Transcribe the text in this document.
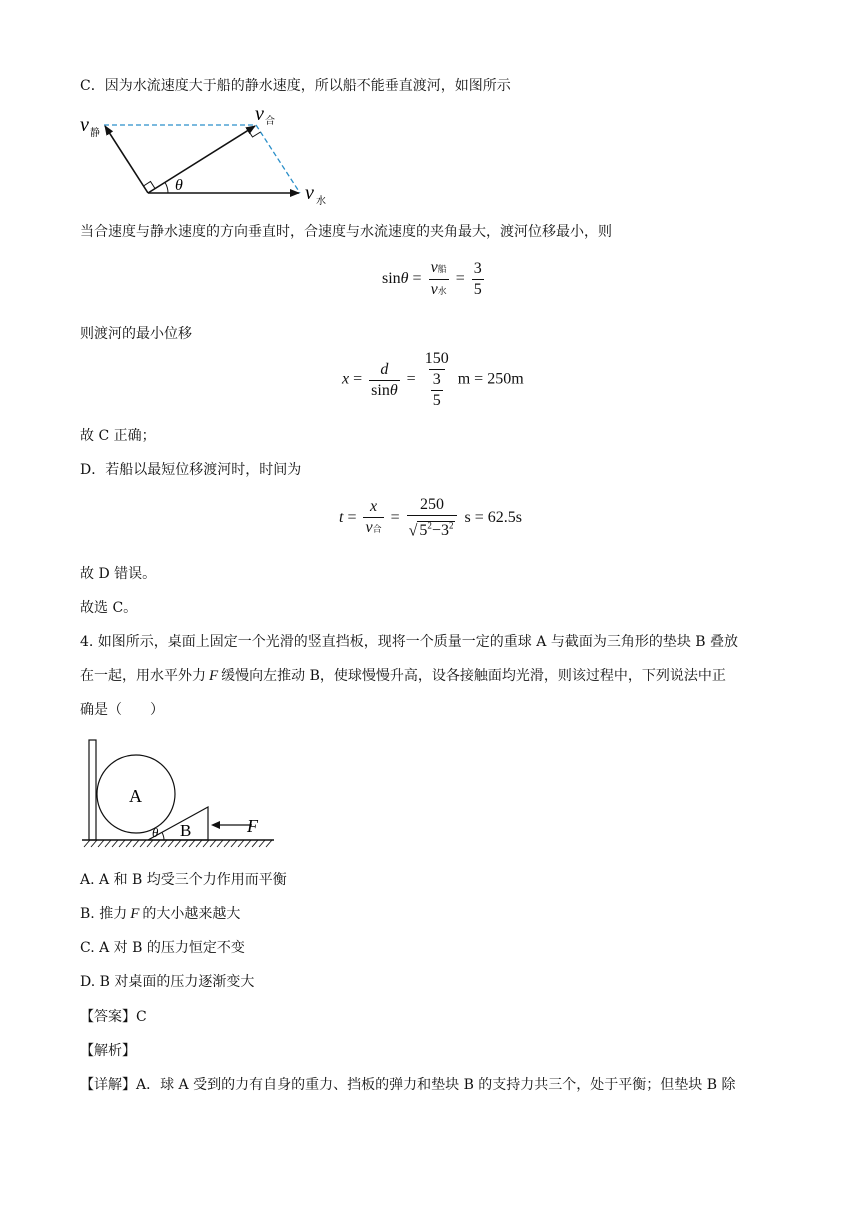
C．因为水流速度大于船的静水速度，所以船不能垂直渡河，如图所示
θ
v 静
v 合
v 水
当合速度与静水速度的方向垂直时，合速度与水流速度的夹角最大，渡河位移最小，则
$\sin\theta = \frac{\text{v船}}{\text{v水}} = \frac{3}{5}$
则渡河的最小位移
$x = \frac{d}{\sin\theta} = \frac{150}{\frac{3}{5}}$ m = 250m
故 C 正确；
D．若船以最短位移渡河时，时间为
$t = \frac{x}{\text{v合}} = \frac{250}{√ 5^2-3^2}$ s = 62.5s
故 D 错误。
故选 C。
4. 如图所示，桌面上固定一个光滑的竖直挡板，现将一个质量一定的重球 A 与截面为三角形的垫块 B 叠放
在一起，用水平外力 F 缓慢向左推动 B，使球慢慢升高，设各接触面均光滑，则该过程中，下列说法中正
确是（　　）
A
B	F
θ
A. A 和 B 均受三个力作用而平衡
B. 推力 F 的大小越来越大
C. A 对 B 的压力恒定不变
D. B 对桌面的压力逐渐变大
【答案】C
【解析】
【详解】A．球 A 受到的力有自身的重力、挡板的弹力和垫块 B 的支持力共三个，处于平衡；但垫块 B 除
